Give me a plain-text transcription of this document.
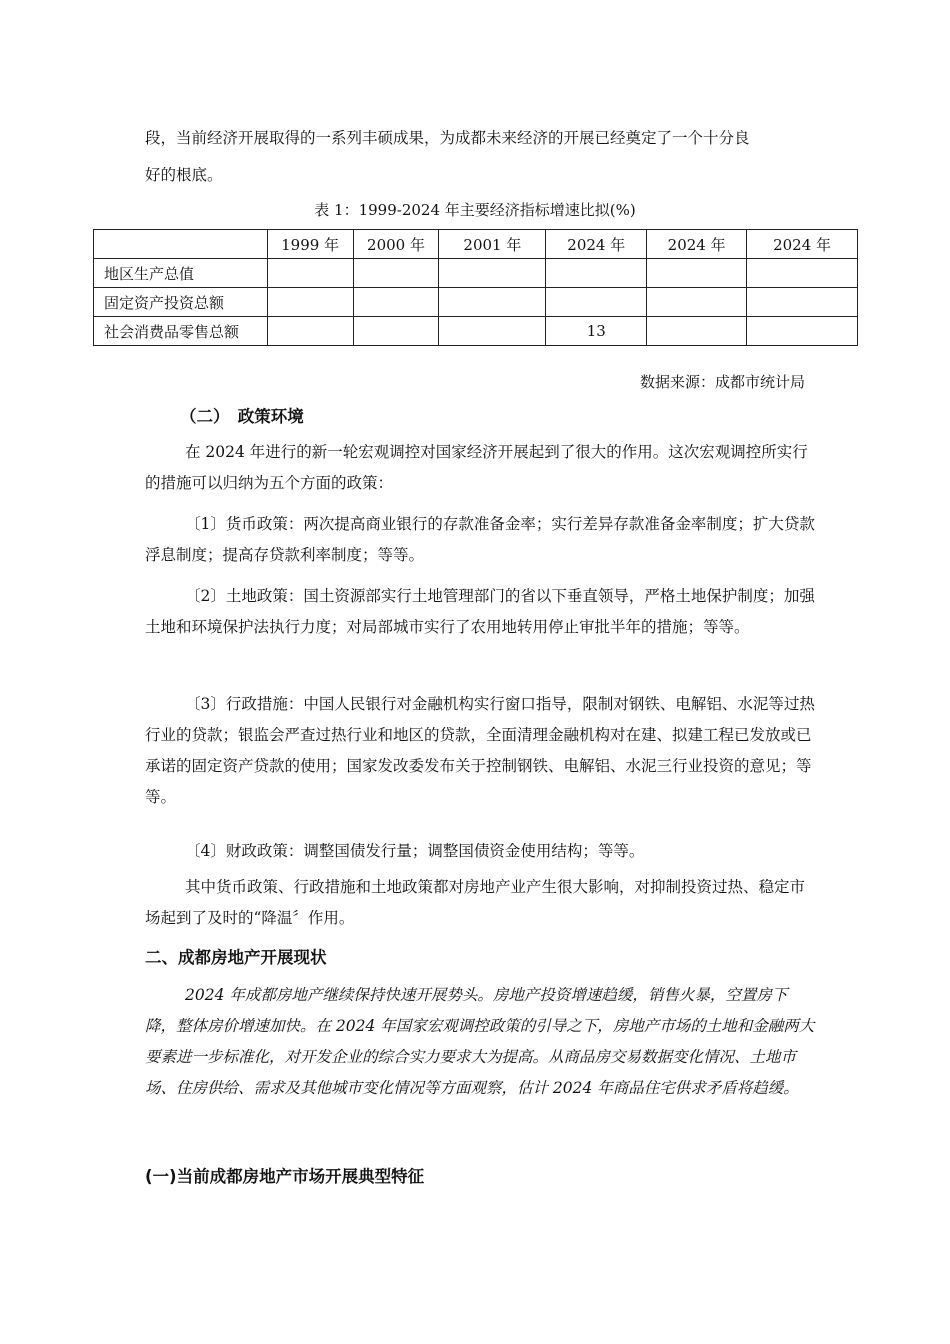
段，当前经济开展取得的一系列丰硕成果，为成都未来经济的开展已经奠定了一个十分良

好的根底。

表 1：1999-2024 年主要经济指标增速比拟(%)
	1999 年	2000 年	2001 年	2024 年	2024 年	2024 年
地区生产总值						
固定资产投资总额						
社会消费品零售总额				13		
数据来源：成都市统计局
（二）　政策环境

在 2024 年进行的新一轮宏观调控对国家经济开展起到了很大的作用。这次宏观调控所实行的措施可以归纳为五个方面的政策：

〔1〕货币政策：两次提高商业银行的存款准备金率；实行差异存款准备金率制度；扩大贷款浮息制度；提高存贷款利率制度；等等。

〔2〕土地政策：国土资源部实行土地管理部门的省以下垂直领导，严格土地保护制度；加强土地和环境保护法执行力度；对局部城市实行了农用地转用停止审批半年的措施；等等。

〔3〕行政措施：中国人民银行对金融机构实行窗口指导，限制对钢铁、电解铝、水泥等过热行业的贷款；银监会严查过热行业和地区的贷款，全面清理金融机构对在建、拟建工程已发放或已承诺的固定资产贷款的使用；国家发改委发布关于控制钢铁、电解铝、水泥三行业投资的意见；等等。

〔4〕财政政策：调整国债发行量；调整国债资金使用结构；等等。

其中货币政策、行政措施和土地政策都对房地产业产生很大影响，对抑制投资过热、稳定市场起到了及时的“降温〞作用。

二、成都房地产开展现状

2024 年成都房地产继续保持快速开展势头。房地产投资增速趋缓，销售火暴，空置房下降，整体房价增速加快。在 2024 年国家宏观调控政策的引导之下，房地产市场的土地和金融两大要素进一步标准化，对开发企业的综合实力要求大为提高。从商品房交易数据变化情况、土地市场、住房供给、需求及其他城市变化情况等方面观察，估计 2024 年商品住宅供求矛盾将趋缓。

(一)当前成都房地产市场开展典型特征
